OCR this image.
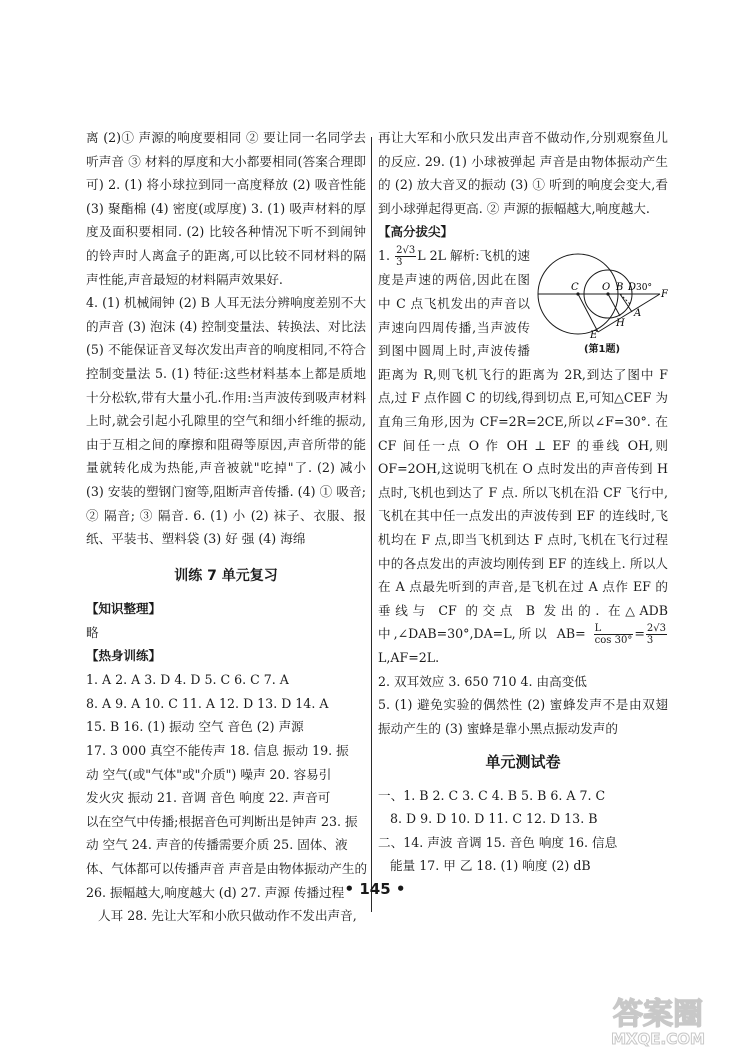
离 (2)① 声源的响度要相同 ② 要让同一名同学去听声音 ③ 材料的厚度和大小都要相同(答案合理即可) 2. (1) 将小球拉到同一高度释放 (2) 吸音性能 (3) 聚酯棉 (4) 密度(或厚度) 3. (1) 吸声材料的厚度及面积要相同. (2) 比较各种情况下听不到闹钟的铃声时人离盒子的距离,可以比较不同材料的隔声性能,声音最短的材料隔声效果好.

4. (1) 机械闹钟 (2) B 人耳无法分辨响度差别不大的声音 (3) 泡沫 (4) 控制变量法、转换法、对比法 (5) 不能保证音叉每次发出声音的响度相同,不符合控制变量法 5. (1) 特征:这些材料基本上都是质地十分松软,带有大量小孔.作用:当声波传到吸声材料上时,就会引起小孔隙里的空气和细小纤维的振动,由于互相之间的摩擦和阻碍等原因,声音所带的能量就转化成为热能,声音被就"吃掉"了. (2) 减小 (3) 安装的塑钢门窗等,阻断声音传播. (4) ① 吸音; ② 隔音; ③ 隔音. 6. (1) 小 (2) 袜子、衣服、报纸、平装书、塑料袋 (3) 好 强 (4) 海绵

训练 7 单元复习

【知识整理】

略

【热身训练】

1. A 2. A 3. D 4. D 5. C 6. C 7. A

8. A 9. A 10. C 11. A 12. D 13. D 14. A

15. B 16. (1) 振动 空气 音色 (2) 声源

17. 3 000 真空不能传声 18. 信息 振动 19. 振

动 空气(或"气体"或"介质") 噪声 20. 容易引

发火灾 振动 21. 音调 音色 响度 22. 声音可

以在空气中传播;根据音色可判断出是钟声 23. 振

动 空气 24. 声音的传播需要介质 25. 固体、液

体、气体都可以传播声音 声音是由物体振动产生的

26. 振幅越大,响度越大 (d) 27. 声源 传播过程

人耳 28. 先让大军和小欣只做动作不发出声音,

再让大军和小欣只发出声音不做动作,分别观察鱼儿的反应. 29. (1) 小球被弹起 声音是由物体振动产生的 (2) 放大音叉的振动 (3) ① 听到的响度会变大,看到小球弹起得更高. ② 声源的振幅越大,响度越大.

【高分拔尖】

C O B D 30°
F
E
H
A
(第1题)

1. $\frac{2√3}{3}$ L 2L 解析:飞机的速度是声速的两倍,因此在图中 C 点飞机发出的声音以声速向四周传播,当声波传到图中圆周上时,声波传播距离为 R,则飞机飞行的距离为 2R,到达了图中 F 点,过 F 点作圆 C 的切线,得到切点 E,可知△CEF 为直角三角形,因为 CF=2R=2CE,所以∠F=30°. 在 CF 间任一点 O 作 OH ⊥ EF 的垂线 OH,则 OF=2OH,这说明飞机在 O 点时发出的声音传到 H 点时,飞机也到达了 F 点. 所以飞机在沿 CF 飞行中,飞机在其中任一点发出的声波传到 EF 的连线时,飞机均在 F 点,即当飞机到达 F 点时,飞机在飞行过程中的各点发出的声波均刚传到 EF 的连线上. 所以人在 A 点最先听到的声音,是飞机在过 A 点作 EF 的垂线与 CF 的交点 B 发出的. 在△ADB 中,∠DAB=30°,DA=L,所以 $AB= \frac{L}{\cos 30^\circ} = \frac{2√3}{3}$
L,AF=2L.

2. 双耳效应 3. 650 710 4. 由高变低

5. (1) 避免实验的偶然性 (2) 蜜蜂发声不是由双翅振动产生的 (3) 蜜蜂是靠小黑点振动发声的

单元测试卷

一、1. B 2. C 3. C 4. B 5. B 6. A 7. C

8. D 9. D 10. D 11. C 12. D 13. B

二、14. 声波 音调 15. 音色 响度 16. 信息

能量 17. 甲 乙 18. (1) 响度 (2) dB

• 145 •
答案圈
MXQE.COM
